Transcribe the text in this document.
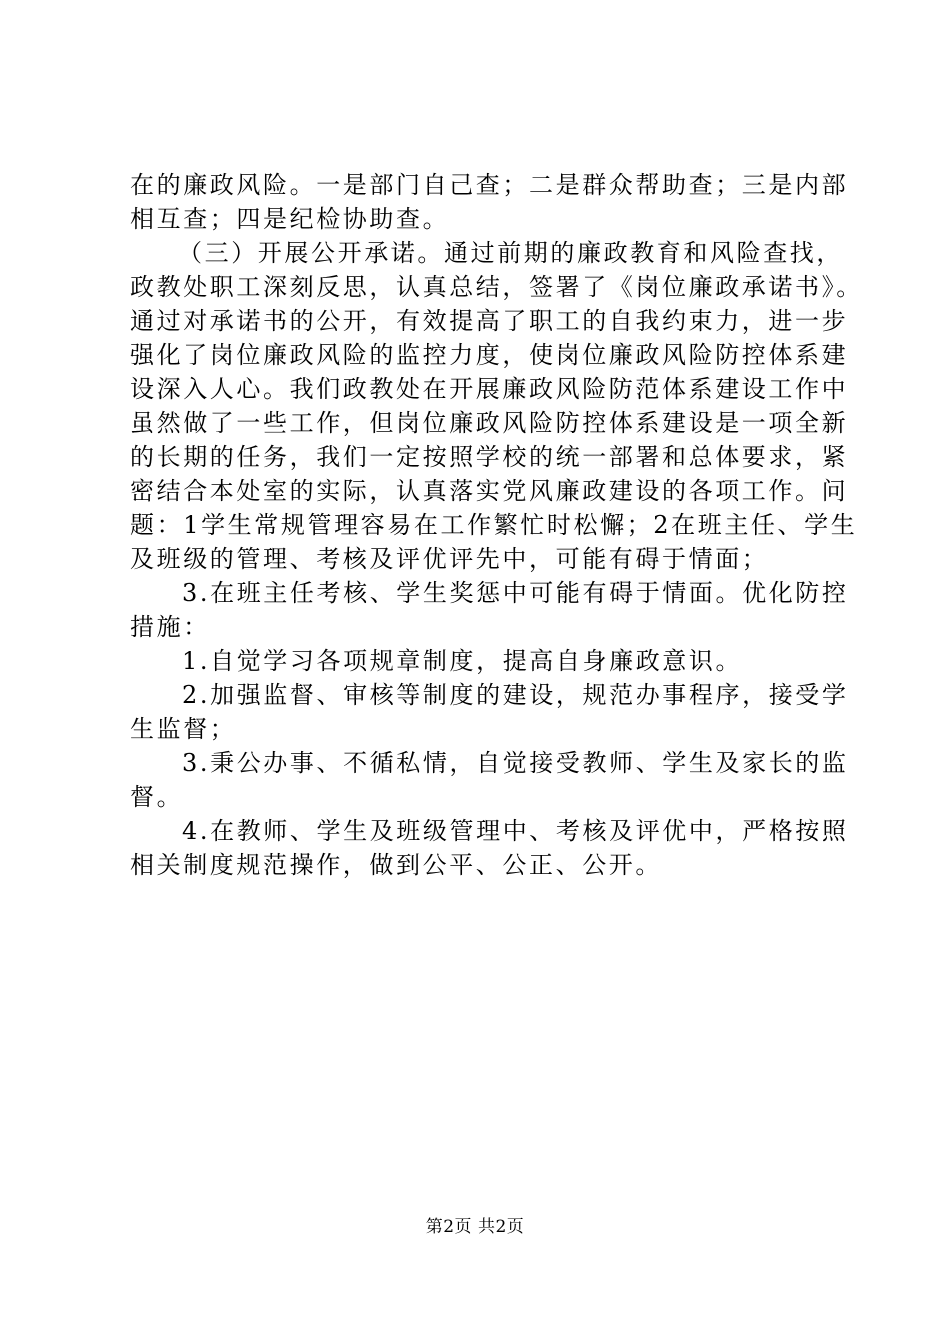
在的廉政风险。一是部门自己查；二是群众帮助查；三是内部
相互查；四是纪检协助查。
（三）开展公开承诺。通过前期的廉政教育和风险查找，
政教处职工深刻反思，认真总结，签署了《岗位廉政承诺书》。
通过对承诺书的公开，有效提高了职工的自我约束力，进一步
强化了岗位廉政风险的监控力度，使岗位廉政风险防控体系建
设深入人心。我们政教处在开展廉政风险防范体系建设工作中
虽然做了一些工作，但岗位廉政风险防控体系建设是一项全新
的长期的任务，我们一定按照学校的统一部署和总体要求，紧
密结合本处室的实际，认真落实党风廉政建设的各项工作。问
题：1学生常规管理容易在工作繁忙时松懈；2在班主任、学生
及班级的管理、考核及评优评先中，可能有碍于情面；
3.在班主任考核、学生奖惩中可能有碍于情面。优化防控
措施：
1.自觉学习各项规章制度，提高自身廉政意识。
2.加强监督、审核等制度的建设，规范办事程序，接受学
生监督；
3.秉公办事、不循私情，自觉接受教师、学生及家长的监
督。
4.在教师、学生及班级管理中、考核及评优中，严格按照
相关制度规范操作，做到公平、公正、公开。
第2页 共2页
